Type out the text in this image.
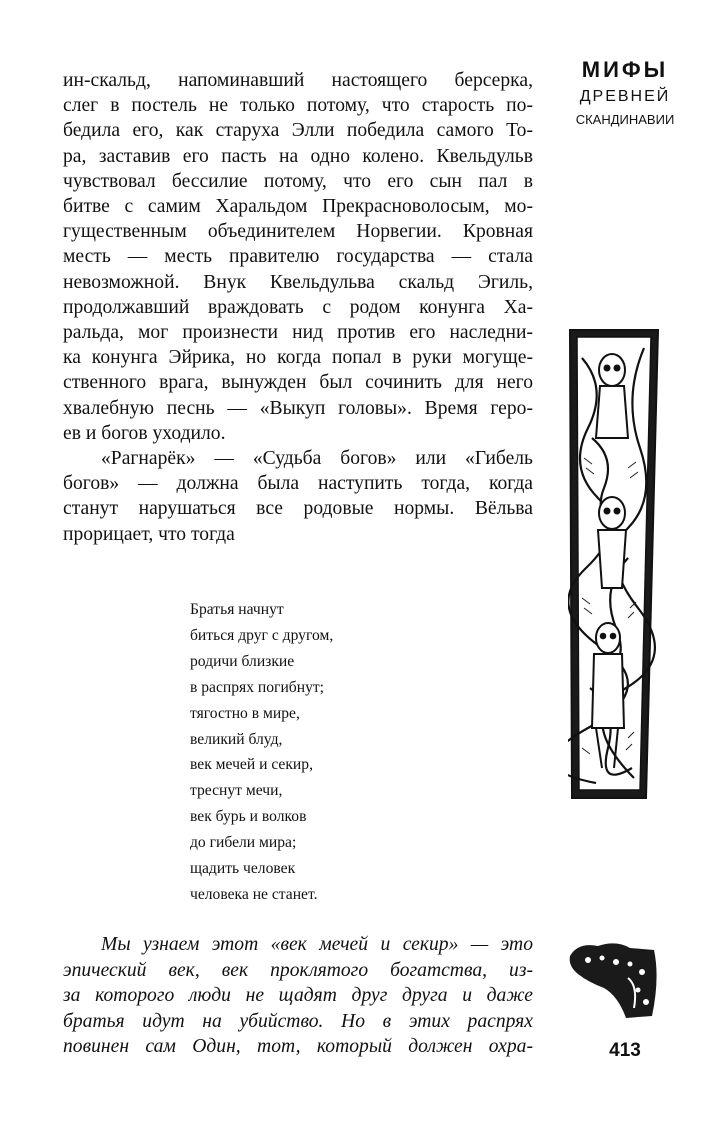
ин-скальд, напоминавший настоящего берсерка,
слег в постель не только потому, что старость по-
бедила его, как старуха Элли победила самого То-
ра, заставив его пасть на одно колено. Квельдульв
чувствовал бессилие потому, что его сын пал в
битве с самим Харальдом Прекрасноволосым, мо-
гущественным объединителем Норвегии. Кровная
месть — месть правителю государства — стала
невозможной. Внук Квельдульва скальд Эгиль,
продолжавший враждовать с родом конунга Ха-
ральда, мог произнести нид против его наследни-
ка конунга Эйрика, но когда попал в руки могуще-
ственного врага, вынужден был сочинить для него
хвалебную песнь — «Выкуп головы». Время геро-
ев и богов уходило.

«Рагнарёк» — «Судьба богов» или «Гибель
богов» — должна была наступить тогда, когда
станут нарушаться все родовые нормы. Вёльва
прорицает, что тогда

Братья начнут
биться друг с другом,
родичи близкие
в распрях погибнут;
тягостно в мире,
великий блуд,
век мечей и секир,
треснут мечи,
век бурь и волков
до гибели мира;
щадить человек
человека не станет.
Мы узнаем этот «век мечей и секир» — это
эпический век, век проклятого богатства, из-
за которого люди не щадят друг друга и даже
братья идут на убийство. Но в этих распрях
повинен сам Один, тот, который должен охра-
МИФЫ
ДРЕВНЕЙ
СКАНДИНАВИИ
413
